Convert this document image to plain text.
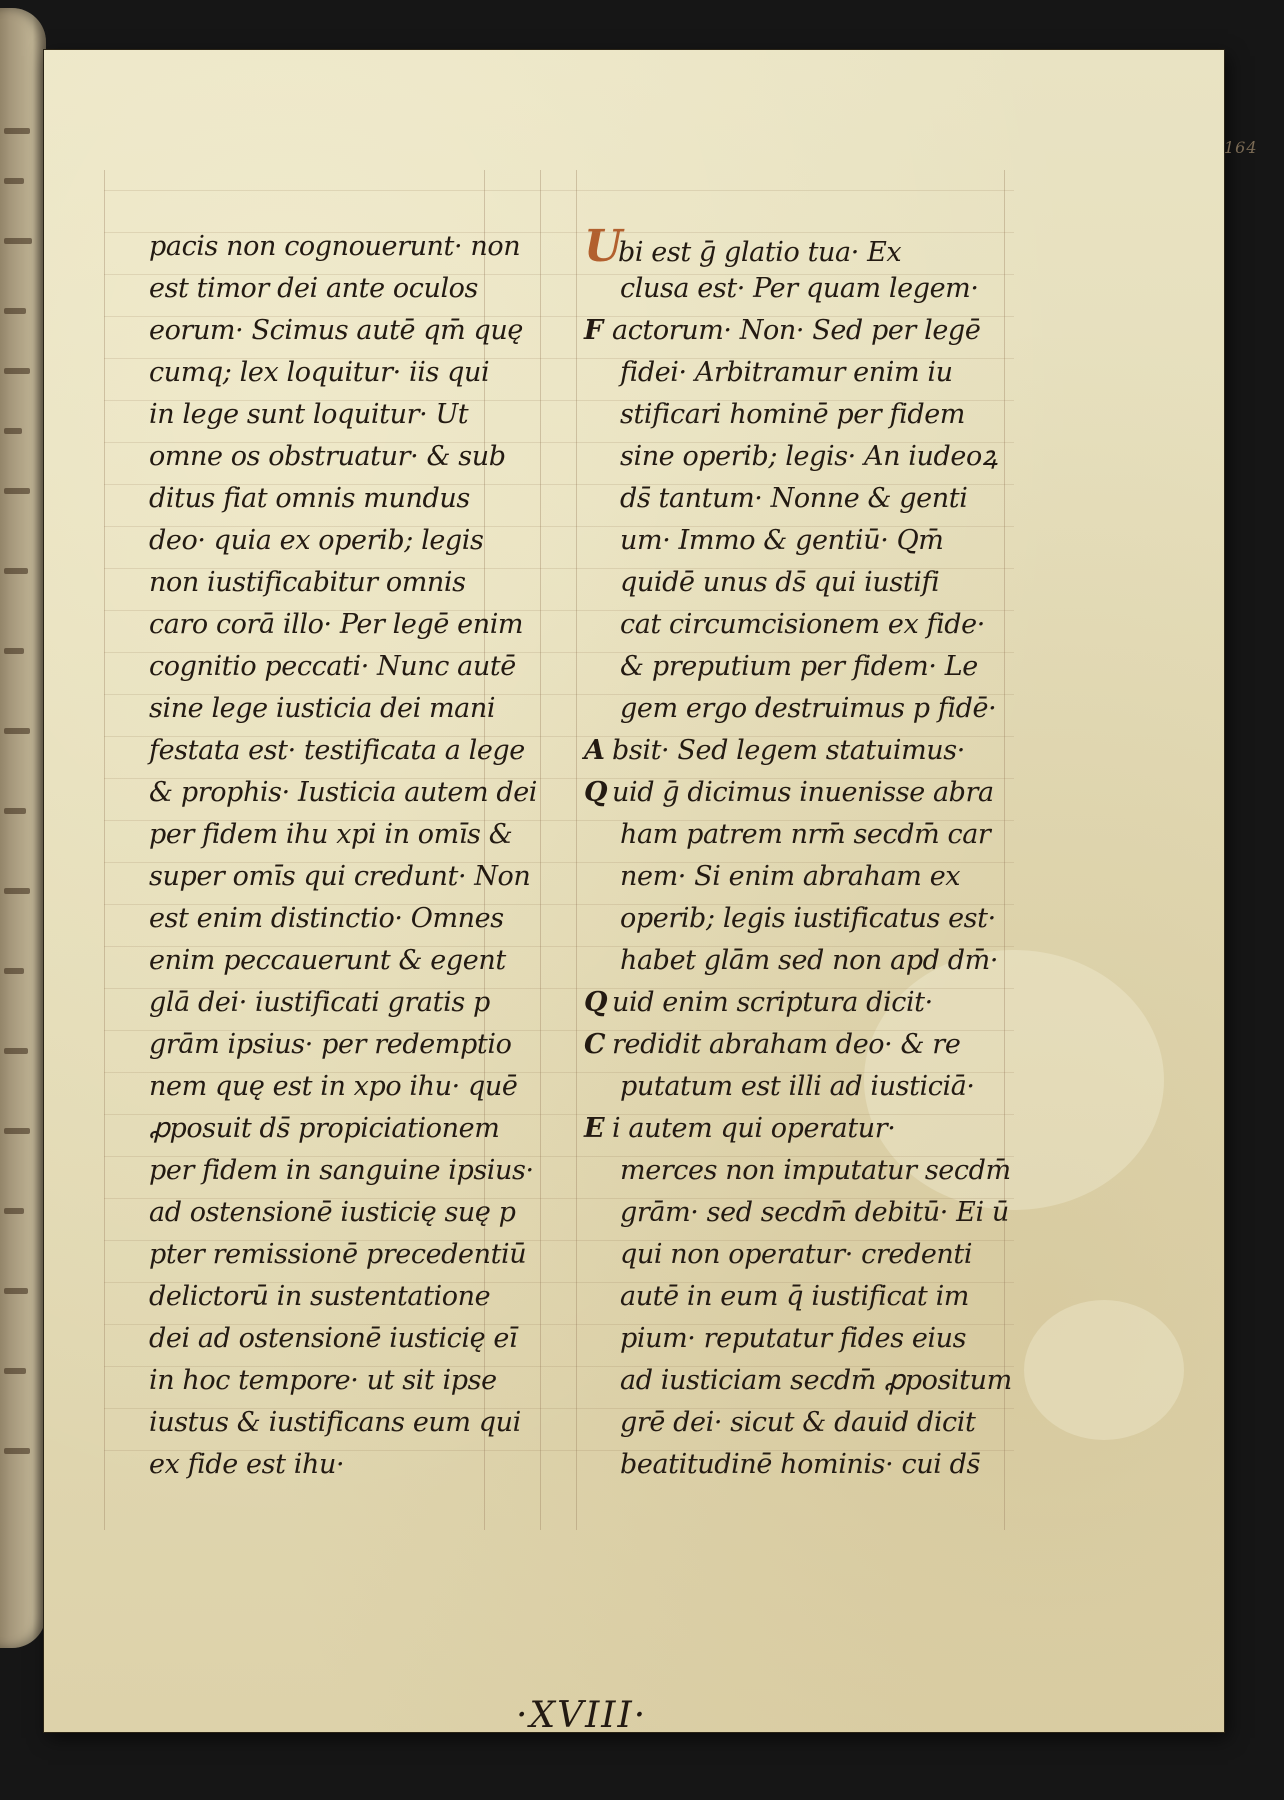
164
pacis non cognouerunt· non
est timor dei ante oculos
eorum· Scimus autē qm̄ quę
cumq; lex loquitur· iis qui
in lege sunt loquitur· Ut
omne os obstruatur· & sub
ditus fiat omnis mundus
deo· quia ex operib; legis
non iustificabitur omnis
caro corā illo· Per legē enim
cognitio peccati· Nunc autē
sine lege iusticia dei mani
festata est· testificata a lege
& prophis· Iusticia autem dei
per fidem ihu xpi in omīs &
super omīs qui credunt· Non
est enim distinctio· Omnes
enim peccauerunt & egent
glā dei· iustificati gratis p
grām ipsius· per redemptio
nem quę est in xpo ihu· quē
ꝓposuit ds̄ propiciationem
per fidem in sanguine ipsius·
ad ostensionē iusticię suę p
pter remissionē precedentiū
delictorū in sustentatione
dei ad ostensionē iusticię eī
in hoc tempore· ut sit ipse
iustus & iustificans eum qui
ex fide est ihu·
Ubi est ḡ glatio tua· Ex
clusa est· Per quam legem·
F actorum· Non· Sed per legē
fidei· Arbitramur enim iu
stificari hominē per fidem
sine operib; legis· An iudeoꝝ
ds̄ tantum· Nonne & genti
um· Immo & gentiū· Qm̄
quidē unus ds̄ qui iustifi
cat circumcisionem ex fide·
& preputium per fidem· Le
gem ergo destruimus p fidē·
A bsit· Sed legem statuimus·
Q uid ḡ dicimus inuenisse abra
ham patrem nrm̄ secdm̄ car
nem· Si enim abraham ex
operib; legis iustificatus est·
habet glām sed non apd dm̄·
Q uid enim scriptura dicit·
C redidit abraham deo· & re
putatum est illi ad iusticiā·
E i autem qui operatur·
merces non imputatur secdm̄
grām· sed secdm̄ debitū· Ei ū
qui non operatur· credenti
autē in eum q̄ iustificat im
pium· reputatur fides eius
ad iusticiam secdm̄ ꝓpositum
grē dei· sicut & dauid dicit
beatitudinē hominis· cui ds̄
·XVIII·
